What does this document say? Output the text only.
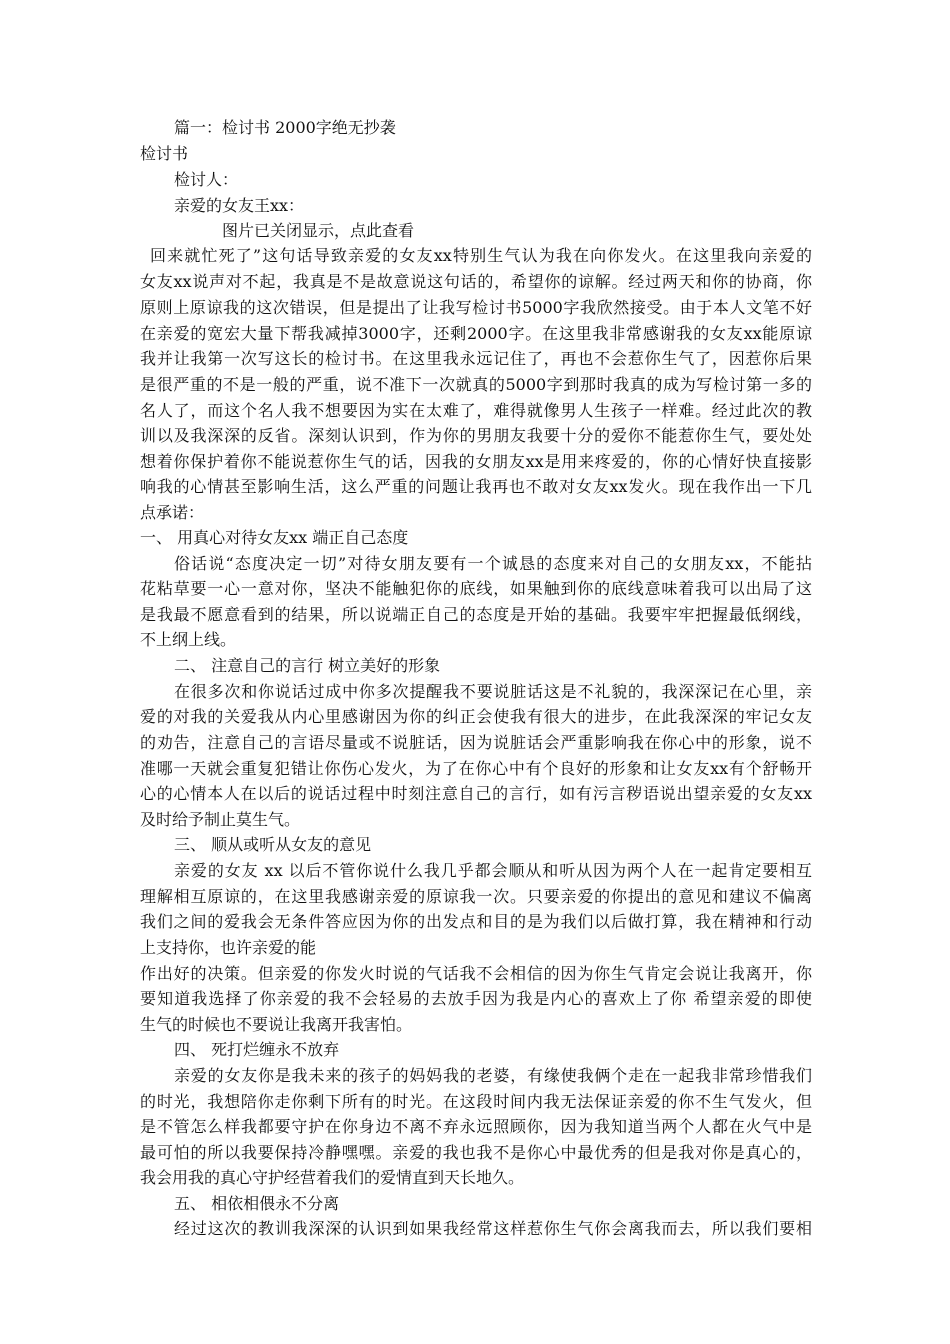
篇一：检讨书 2000字绝无抄袭
检讨书
检讨人：
亲爱的女友王xx：
图片已关闭显示，点此查看
回来就忙死了”这句话导致亲爱的女友xx特别生气认为我在向你发火。在这里我向亲爱的
女友xx说声对不起，我真是不是故意说这句话的，希望你的谅解。经过两天和你的协商，你
原则上原谅我的这次错误，但是提出了让我写检讨书5000字我欣然接受。由于本人文笔不好
在亲爱的宽宏大量下帮我减掉3000字，还剩2000字。在这里我非常感谢我的女友xx能原谅
我并让我第一次写这长的检讨书。在这里我永远记住了，再也不会惹你生气了，因惹你后果
是很严重的不是一般的严重，说不准下一次就真的5000字到那时我真的成为写检讨第一多的
名人了，而这个名人我不想要因为实在太难了，难得就像男人生孩子一样难。经过此次的教
训以及我深深的反省。深刻认识到，作为你的男朋友我要十分的爱你不能惹你生气，要处处
想着你保护着你不能说惹你生气的话，因我的女朋友xx是用来疼爱的，你的心情好快直接影
响我的心情甚至影响生活，这么严重的问题让我再也不敢对女友xx发火。现在我作出一下几
点承诺：
一、 用真心对待女友xx 端正自己态度
俗话说“态度决定一切”对待女朋友要有一个诚恳的态度来对自己的女朋友xx，不能拈
花粘草要一心一意对你，坚决不能触犯你的底线，如果触到你的底线意味着我可以出局了这
是我最不愿意看到的结果，所以说端正自己的态度是开始的基础。我要牢牢把握最低纲线，
不上纲上线。
二、 注意自己的言行 树立美好的形象
在很多次和你说话过成中你多次提醒我不要说脏话这是不礼貌的，我深深记在心里，亲
爱的对我的关爱我从内心里感谢因为你的纠正会使我有很大的进步，在此我深深的牢记女友
的劝告，注意自己的言语尽量或不说脏话，因为说脏话会严重影响我在你心中的形象，说不
准哪一天就会重复犯错让你伤心发火，为了在你心中有个良好的形象和让女友xx有个舒畅开
心的心情本人在以后的说话过程中时刻注意自己的言行，如有污言秽语说出望亲爱的女友xx
及时给予制止莫生气。
三、 顺从或听从女友的意见
亲爱的女友 xx 以后不管你说什么我几乎都会顺从和听从因为两个人在一起肯定要相互
理解相互原谅的，在这里我感谢亲爱的原谅我一次。只要亲爱的你提出的意见和建议不偏离
我们之间的爱我会无条件答应因为你的出发点和目的是为我们以后做打算，我在精神和行动
上支持你，也许亲爱的能
作出好的决策。但亲爱的你发火时说的气话我不会相信的因为你生气肯定会说让我离开，你
要知道我选择了你亲爱的我不会轻易的去放手因为我是内心的喜欢上了你 希望亲爱的即使
生气的时候也不要说让我离开我害怕。
四、 死打烂缠永不放弃
亲爱的女友你是我未来的孩子的妈妈我的老婆，有缘使我俩个走在一起我非常珍惜我们
的时光，我想陪你走你剩下所有的时光。在这段时间内我无法保证亲爱的你不生气发火，但
是不管怎么样我都要守护在你身边不离不弃永远照顾你，因为我知道当两个人都在火气中是
最可怕的所以我要保持冷静嘿嘿。亲爱的我也我不是你心中最优秀的但是我对你是真心的，
我会用我的真心守护经营着我们的爱情直到天长地久。
五、 相依相偎永不分离
经过这次的教训我深深的认识到如果我经常这样惹你生气你会离我而去，所以我们要相
